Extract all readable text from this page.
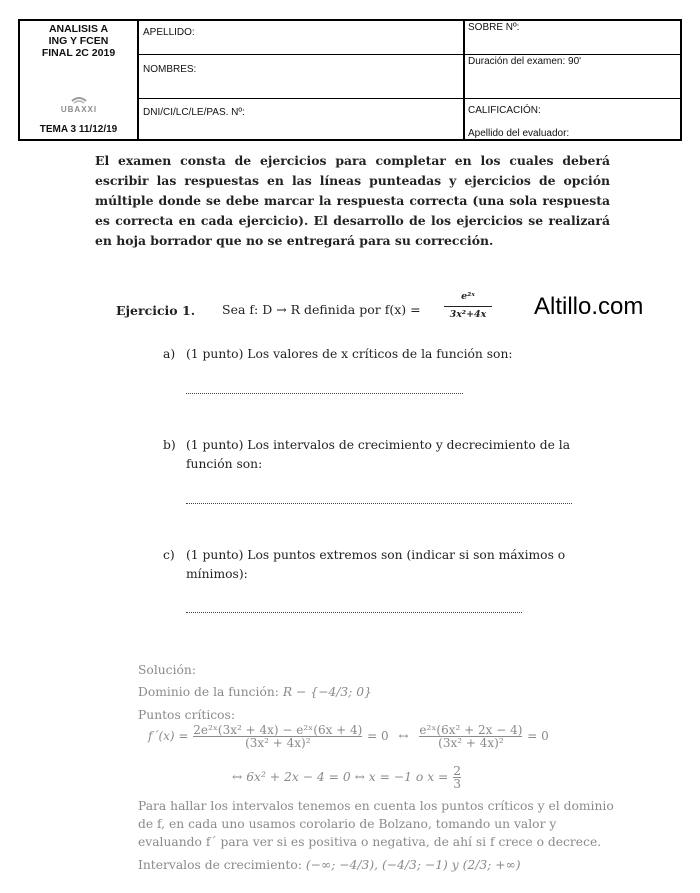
ANALISIS A
ING Y FCEN
FINAL 2C 2019
UBAXXI
TEMA 3 11/12/19
APELLIDO:
NOMBRES:
DNI/CI/LC/LE/PAS. Nº:
SOBRE Nº:
Duración del examen: 90'
CALIFICACIÓN:
Apellido del evaluador:
El examen consta de ejercicios para completar en los cuales deberá escribir las respuestas en las líneas punteadas y ejercicios de opción múltiple donde se debe marcar la respuesta correcta (una sola respuesta es correcta en cada ejercicio). El desarrollo de los ejercicios se realizará en hoja borrador que no se entregará para su corrección.
Ejercicio 1. Sea f: D → R definida por f(x) =
e²ˣ
3x²+4x Altillo.com
a) (1 punto) Los valores de x críticos de la función son:
b) (1 punto) Los intervalos de crecimiento y decrecimiento de la función son:
c) (1 punto) Los puntos extremos son (indicar si son máximos o mínimos):
Solución:
Dominio de la función: R − {−4/3; 0}
Puntos críticos:
f´(x) = $\frac{\text{2e²ˣ(3x² + 4x) − e²ˣ(6x + 4)}}{\text{(3x² + 4x)²}} = 0$ ↔ $\frac{\text{e²ˣ(6x² + 2x − 4)}}{\text{(3x² + 4x)²}} = 0$
↔ 6x² + 2x − 4 = 0 ↔ x = −1 o $x = \frac{2}{3}$
Para hallar los intervalos tenemos en cuenta los puntos críticos y el dominio
de f, en cada uno usamos corolario de Bolzano, tomando un valor y
evaluando f´ para ver si es positiva o negativa, de ahí si f crece o decrece.
Intervalos de crecimiento: (−∞; −4/3), (−4/3; −1) y (2/3; +∞)
